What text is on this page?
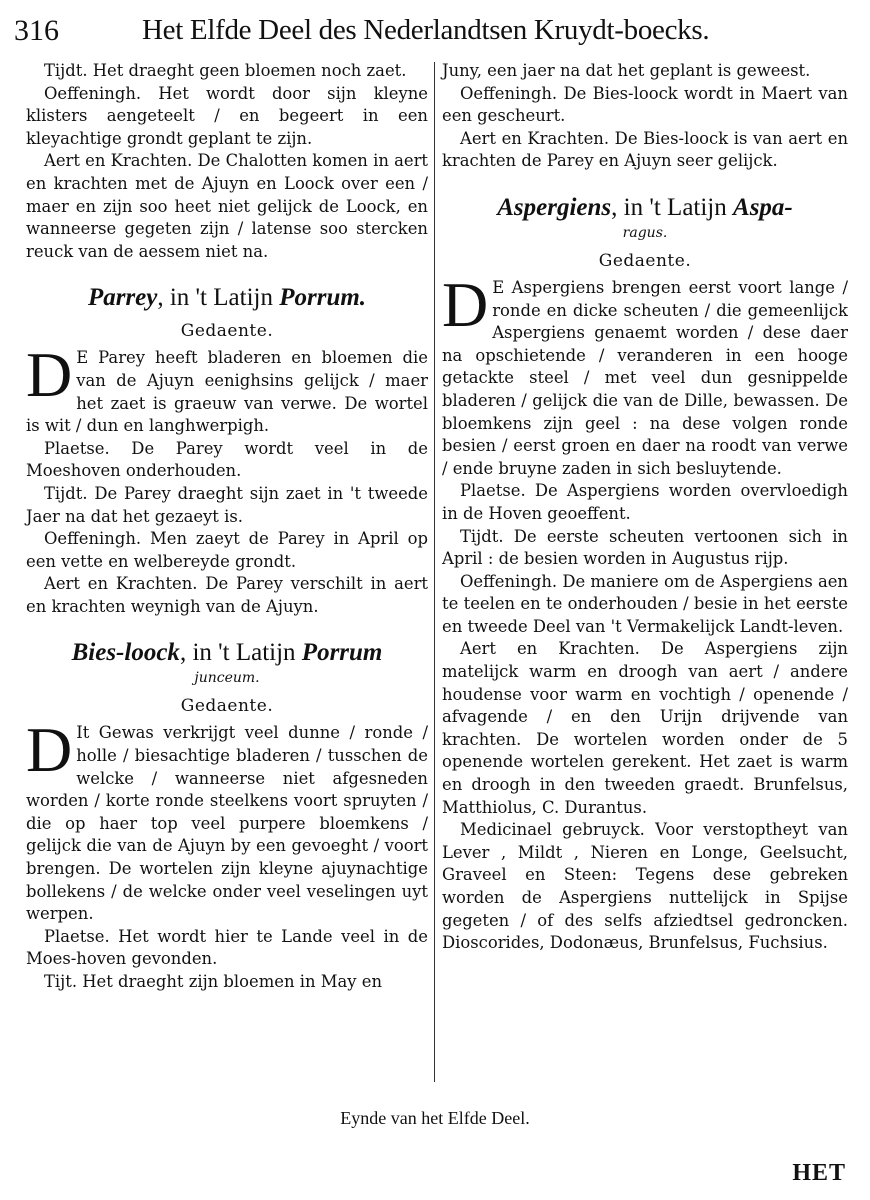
316	Het Elfde Deel des Nederlandtsen Kruydt-boecks.

Tijdt. Het draeght geen bloemen noch zaet.

Oeffeningh. Het wordt door sijn kleyne klisters aengeteelt / en begeert in een kleyachtige grondt geplant te zijn.

Aert en Krachten. De Chalotten komen in aert en krachten met de Ajuyn en Loock over een / maer en zijn soo heet niet gelijck de Loock, en wanneerse gegeten zijn / latense soo stercken reuck van de aessem niet na.

Parrey, in 't Latijn Porrum.

Gedaente.

D E Parey heeft bladeren en bloemen die van de Ajuyn eenighsins gelijck / maer het zaet is graeuw van verwe. De wortel is wit / dun en langhwerpigh.

Plaetse. De Parey wordt veel in de Moeshoven onderhouden.

Tijdt. De Parey draeght sijn zaet in 't tweede Jaer na dat het gezaeyt is.

Oeffeningh. Men zaeyt de Parey in April op een vette en welbereyde grondt.

Aert en Krachten. De Parey verschilt in aert en krachten weynigh van de Ajuyn.

Bies-loock, in 't Latijn Porrum

junceum.

Gedaente.

D It Gewas verkrijgt veel dunne / ronde / holle / biesachtige bladeren / tusschen de welcke / wanneerse niet afgesneden worden / korte ronde steelkens voort spruyten / die op haer top veel purpere bloemkens / gelijck die van de Ajuyn by een gevoeght / voort brengen. De wortelen zijn kleyne ajuynachtige bollekens / de welcke onder veel veselingen uyt werpen.

Plaetse. Het wordt hier te Lande veel in de Moes-hoven gevonden.

Tijt. Het draeght zijn bloemen in May en

Juny, een jaer na dat het geplant is geweest.

Oeffeningh. De Bies-loock wordt in Maert van een gescheurt.

Aert en Krachten. De Bies-loock is van aert en krachten de Parey en Ajuyn seer gelijck.

Aspergiens, in 't Latijn Aspa-

ragus.

Gedaente.

D E Aspergiens brengen eerst voort lange / ronde en dicke scheuten / die gemeenlijck Aspergiens genaemt worden / dese daer na opschietende / veranderen in een hooge getackte steel / met veel dun gesnippelde bladeren / gelijck die van de Dille, bewassen. De bloemkens zijn geel : na dese volgen ronde besien / eerst groen en daer na roodt van verwe / ende bruyne zaden in sich besluytende.

Plaetse. De Aspergiens worden overvloedigh in de Hoven geoeffent.

Tijdt. De eerste scheuten vertoonen sich in April : de besien worden in Augustus rijp.

Oeffeningh. De maniere om de Aspergiens aen te teelen en te onderhouden / besie in het eerste en tweede Deel van 't Vermakelijck Landt-leven.

Aert en Krachten. De Aspergiens zijn matelijck warm en droogh van aert / andere houdense voor warm en vochtigh / openende / afvagende / en den Urijn drijvende van krachten. De wortelen worden onder de 5 openende wortelen gerekent. Het zaet is warm en droogh in den tweeden graedt. Brunfelsus, Matthiolus, C. Durantus.

Medicinael gebruyck. Voor verstoptheyt van Lever , Mildt , Nieren en Longe, Geelsucht, Graveel en Steen: Tegens dese gebreken worden de Aspergiens nuttelijck in Spijse gegeten / of des selfs afziedtsel gedroncken. Dioscorides, Dodonæus, Brunfelsus, Fuchsius.

Eynde van het Elfde Deel.
HET
